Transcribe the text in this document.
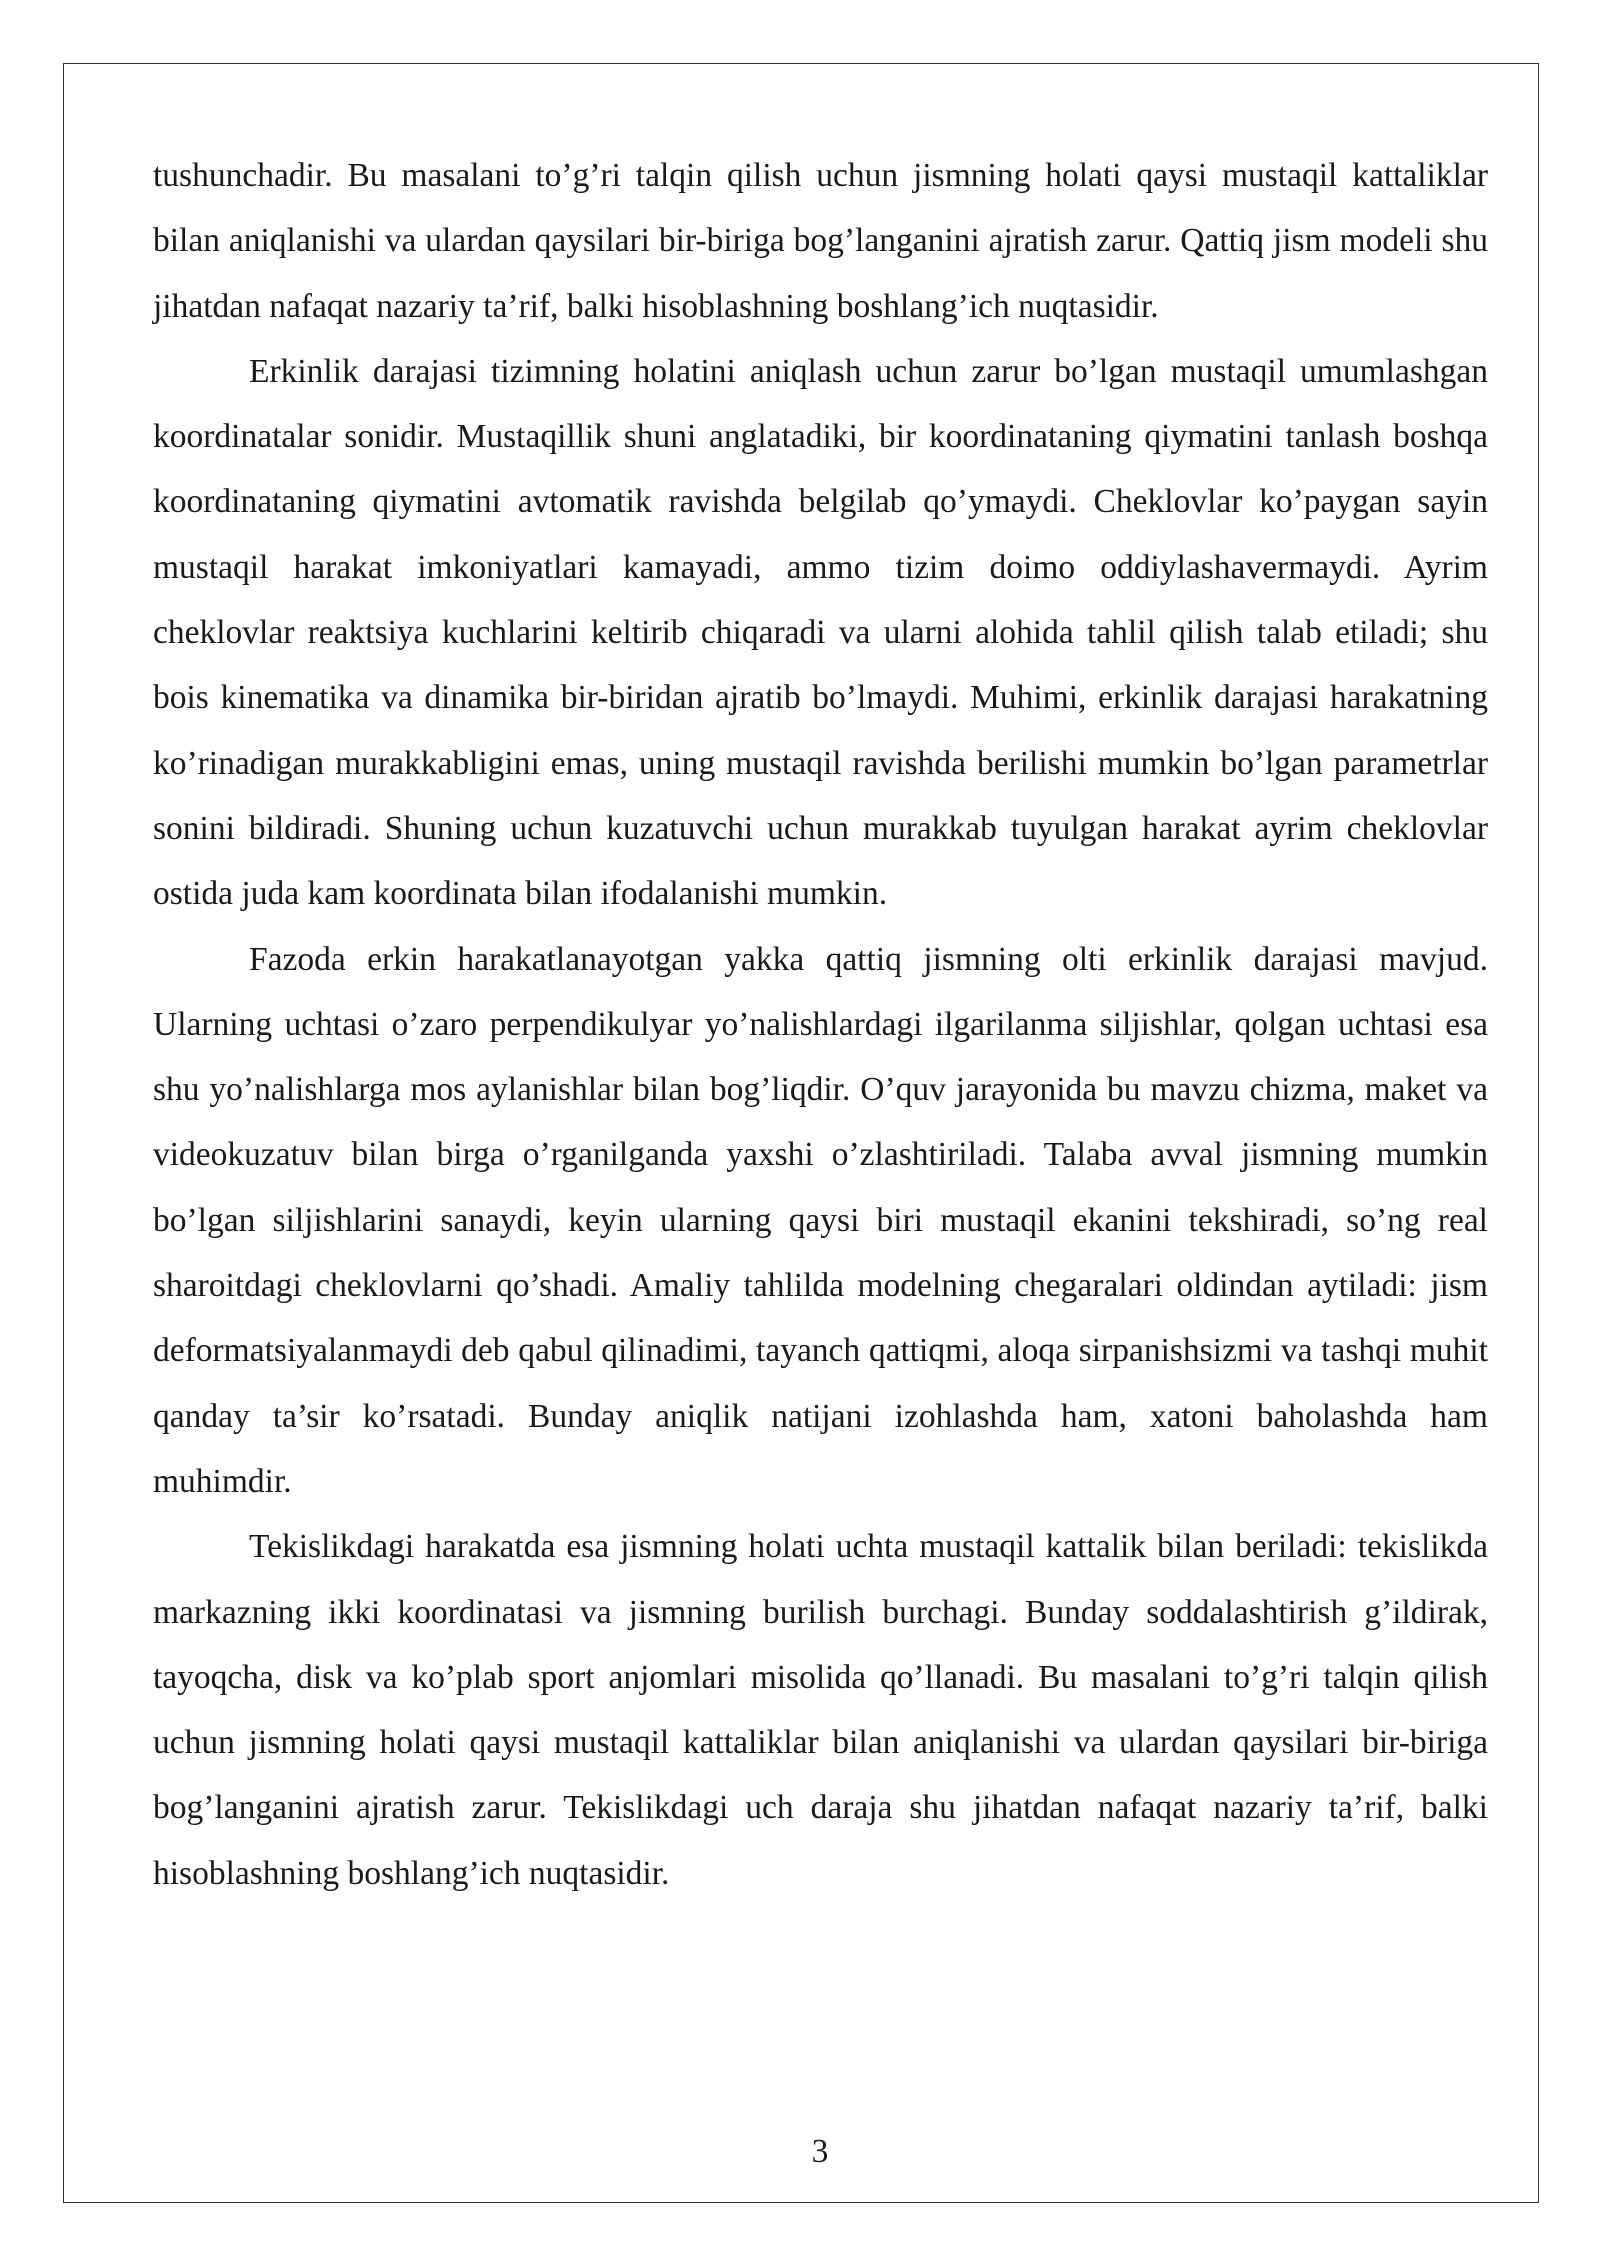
tushunchadir. Bu masalani to’g’ri talqin qilish uchun jismning holati qaysi mustaqil kattaliklar bilan aniqlanishi va ulardan qaysilari bir-biriga bog’langanini ajratish zarur. Qattiq jism modeli shu jihatdan nafaqat nazariy ta’rif, balki hisoblashning boshlang’ich nuqtasidir.

Erkinlik darajasi tizimning holatini aniqlash uchun zarur bo’lgan mustaqil umumlashgan koordinatalar sonidir. Mustaqillik shuni anglatadiki, bir koordinataning qiymatini tanlash boshqa koordinataning qiymatini avtomatik ravishda belgilab qo’ymaydi. Cheklovlar ko’paygan sayin mustaqil harakat imkoniyatlari kamayadi, ammo tizim doimo oddiylashavermaydi. Ayrim cheklovlar reaktsiya kuchlarini keltirib chiqaradi va ularni alohida tahlil qilish talab etiladi; shu bois kinematika va dinamika bir-biridan ajratib bo’lmaydi. Muhimi, erkinlik darajasi harakatning ko’rinadigan murakkabligini emas, uning mustaqil ravishda berilishi mumkin bo’lgan parametrlar sonini bildiradi. Shuning uchun kuzatuvchi uchun murakkab tuyulgan harakat ayrim cheklovlar ostida juda kam koordinata bilan ifodalanishi mumkin.

Fazoda erkin harakatlanayotgan yakka qattiq jismning olti erkinlik darajasi mavjud. Ularning uchtasi o’zaro perpendikulyar yo’nalishlardagi ilgarilanma siljishlar, qolgan uchtasi esa shu yo’nalishlarga mos aylanishlar bilan bog’liqdir. O’quv jarayonida bu mavzu chizma, maket va videokuzatuv bilan birga o’rganilganda yaxshi o’zlashtiriladi. Talaba avval jismning mumkin bo’lgan siljishlarini sanaydi, keyin ularning qaysi biri mustaqil ekanini tekshiradi, so’ng real sharoitdagi cheklovlarni qo’shadi. Amaliy tahlilda modelning chegaralari oldindan aytiladi: jism deformatsiyalanmaydi deb qabul qilinadimi, tayanch qattiqmi, aloqa sirpanishsizmi va tashqi muhit qanday ta’sir ko’rsatadi. Bunday aniqlik natijani izohlashda ham, xatoni baholashda ham muhimdir.

Tekislikdagi harakatda esa jismning holati uchta mustaqil kattalik bilan beriladi: tekislikda markazning ikki koordinatasi va jismning burilish burchagi. Bunday soddalashtirish g’ildirak, tayoqcha, disk va ko’plab sport anjomlari misolida qo’llanadi. Bu masalani to’g’ri talqin qilish uchun jismning holati qaysi mustaqil kattaliklar bilan aniqlanishi va ulardan qaysilari bir-biriga bog’langanini ajratish zarur. Tekislikdagi uch daraja shu jihatdan nafaqat nazariy ta’rif, balki hisoblashning boshlang’ich nuqtasidir.

3
